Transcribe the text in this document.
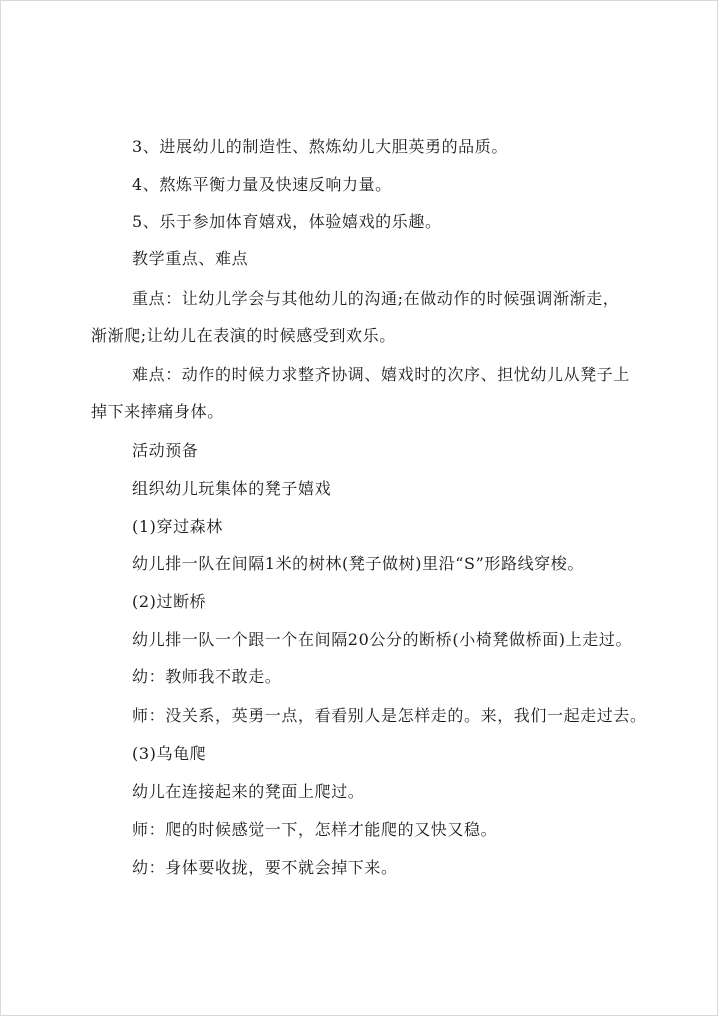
3、进展幼儿的制造性、熬炼幼儿大胆英勇的品质。
4、熬炼平衡力量及快速反响力量。
5、乐于参加体育嬉戏，体验嬉戏的乐趣。
教学重点、难点
重点：让幼儿学会与其他幼儿的沟通;在做动作的时候强调渐渐走，
渐渐爬;让幼儿在表演的时候感受到欢乐。
难点：动作的时候力求整齐协调、嬉戏时的次序、担忧幼儿从凳子上
掉下来摔痛身体。
活动预备
组织幼儿玩集体的凳子嬉戏
(1)穿过森林
幼儿排一队在间隔1米的树林(凳子做树)里沿“S”形路线穿梭。
(2)过断桥
幼儿排一队一个跟一个在间隔20公分的断桥(小椅凳做桥面)上走过。
幼：教师我不敢走。
师：没关系，英勇一点，看看别人是怎样走的。来，我们一起走过去。
(3)乌龟爬
幼儿在连接起来的凳面上爬过。
师：爬的时候感觉一下，怎样才能爬的又快又稳。
幼：身体要收拢，要不就会掉下来。
